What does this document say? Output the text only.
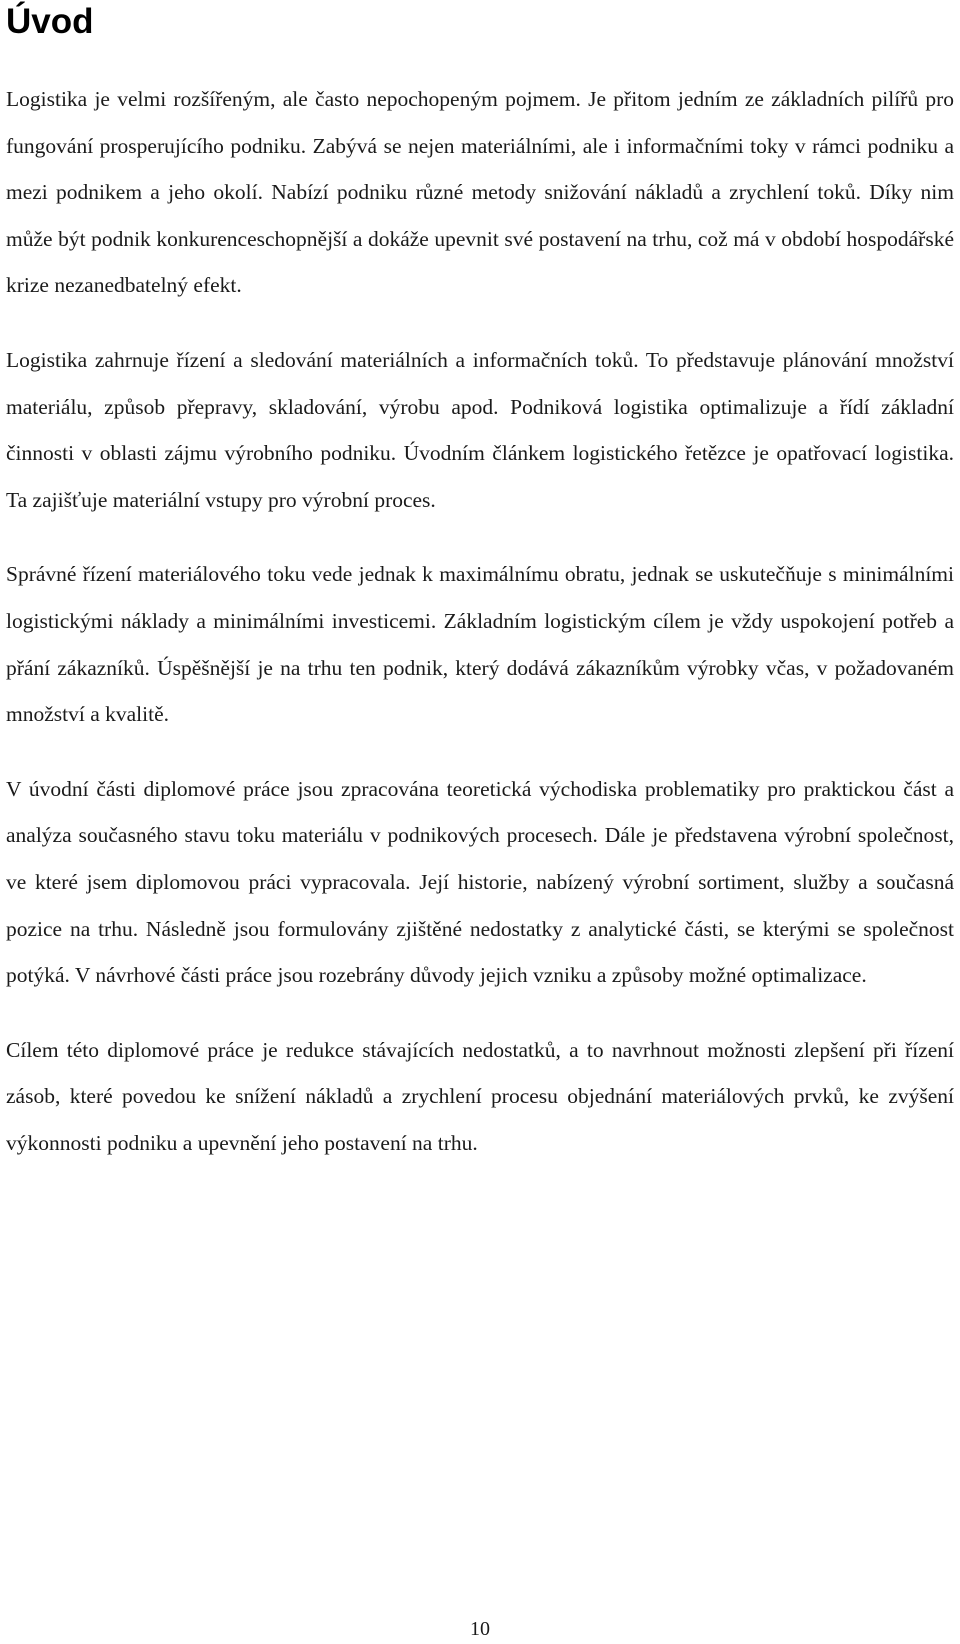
Úvod

Logistika je velmi rozšířeným, ale často nepochopeným pojmem. Je přitom jedním ze základních pilířů pro fungování prosperujícího podniku. Zabývá se nejen materiálními, ale i informačními toky v rámci podniku a mezi podnikem a jeho okolí. Nabízí podniku různé metody snižování nákladů a zrychlení toků. Díky nim může být podnik konkurenceschopnější a dokáže upevnit své postavení na trhu, což má v období hospodářské krize nezanedbatelný efekt.

Logistika zahrnuje řízení a sledování materiálních a informačních toků. To představuje plánování množství materiálu, způsob přepravy, skladování, výrobu apod. Podniková logistika optimalizuje a řídí základní činnosti v oblasti zájmu výrobního podniku. Úvodním článkem logistického řetězce je opatřovací logistika. Ta zajišťuje materiální vstupy pro výrobní proces.

Správné řízení materiálového toku vede jednak k maximálnímu obratu, jednak se uskutečňuje s minimálními logistickými náklady a minimálními investicemi. Základním logistickým cílem je vždy uspokojení potřeb a přání zákazníků. Úspěšnější je na trhu ten podnik, který dodává zákazníkům výrobky včas, v požadovaném množství a kvalitě.

V úvodní části diplomové práce jsou zpracována teoretická východiska problematiky pro praktickou část a analýza současného stavu toku materiálu v podnikových procesech. Dále je představena výrobní společnost, ve které jsem diplomovou práci vypracovala. Její historie, nabízený výrobní sortiment, služby a současná pozice na trhu. Následně jsou formulovány zjištěné nedostatky z analytické části, se kterými se společnost potýká. V návrhové části práce jsou rozebrány důvody jejich vzniku a způsoby možné optimalizace.

Cílem této diplomové práce je redukce stávajících nedostatků, a to navrhnout možnosti zlepšení při řízení zásob, které povedou ke snížení nákladů a zrychlení procesu objednání materiálových prvků, ke zvýšení výkonnosti podniku a upevnění jeho postavení na trhu.

10
